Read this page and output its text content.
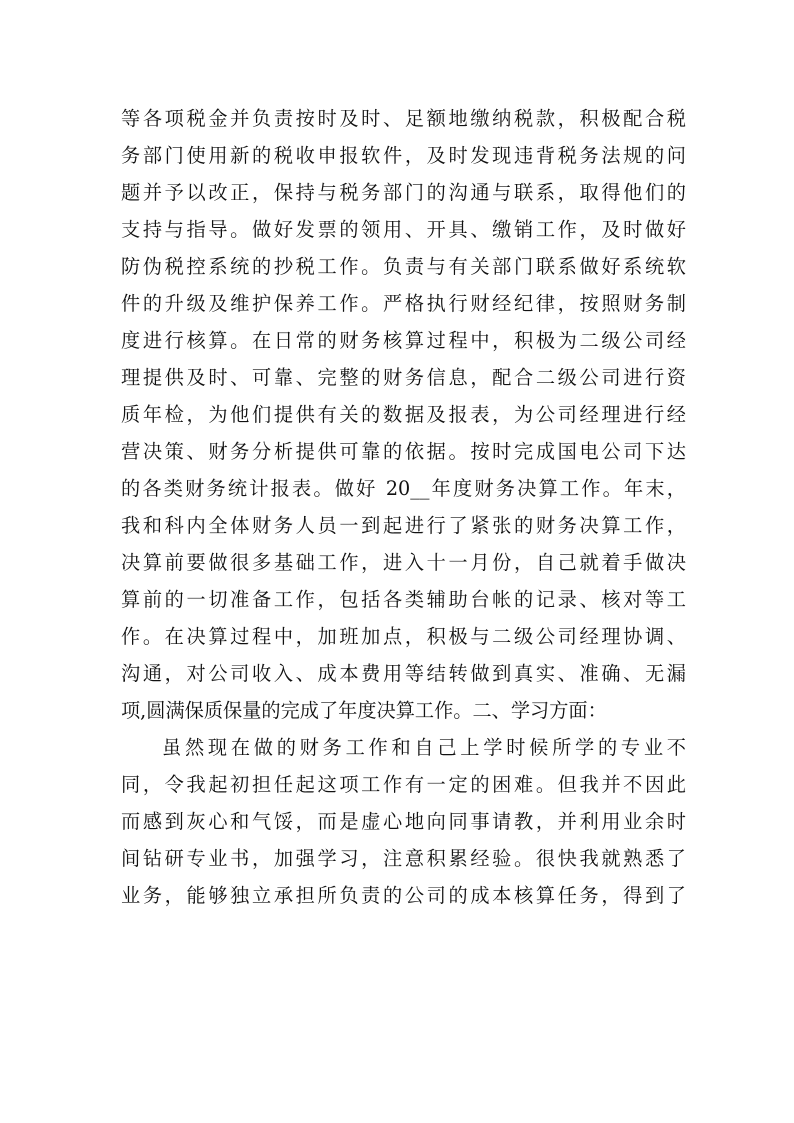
等各项税金并负责按时及时、足额地缴纳税款，积极配合税
务部门使用新的税收申报软件，及时发现违背税务法规的问
题并予以改正，保持与税务部门的沟通与联系，取得他们的
支持与指导。做好发票的领用、开具、缴销工作，及时做好
防伪税控系统的抄税工作。负责与有关部门联系做好系统软
件的升级及维护保养工作。严格执行财经纪律，按照财务制
度进行核算。在日常的财务核算过程中，积极为二级公司经
理提供及时、可靠、完整的财务信息，配合二级公司进行资
质年检，为他们提供有关的数据及报表，为公司经理进行经
营决策、财务分析提供可靠的依据。按时完成国电公司下达
的各类财务统计报表。做好 20__年度财务决算工作。年末，
我和科内全体财务人员一到起进行了紧张的财务决算工作，
决算前要做很多基础工作，进入十一月份，自己就着手做决
算前的一切准备工作，包括各类辅助台帐的记录、核对等工
作。在决算过程中，加班加点，积极与二级公司经理协调、
沟通，对公司收入、成本费用等结转做到真实、准确、无漏
项,圆满保质保量的完成了年度决算工作。二、学习方面：
虽然现在做的财务工作和自己上学时候所学的专业不
同，令我起初担任起这项工作有一定的困难。但我并不因此
而感到灰心和气馁，而是虚心地向同事请教，并利用业余时
间钻研专业书，加强学习，注意积累经验。很快我就熟悉了
业务，能够独立承担所负责的公司的成本核算任务，得到了
